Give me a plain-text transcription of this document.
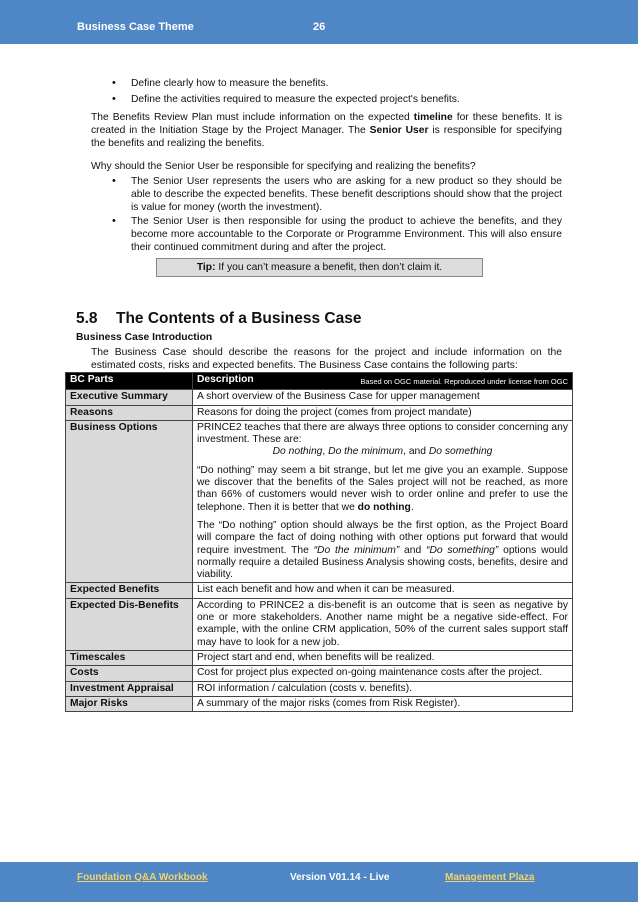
Business Case Theme	26
• Define clearly how to measure the benefits.
• Define the activities required to measure the expected project's benefits.
The Benefits Review Plan must include information on the expected timeline for these benefits. It is created in the Initiation Stage by the Project Manager. The Senior User is responsible for specifying the benefits and realizing the benefits.
Why should the Senior User be responsible for specifying and realizing the benefits?
• The Senior User represents the users who are asking for a new product so they should be able to describe the expected benefits. These benefit descriptions should show that the project is value for money (worth the investment).
• The Senior User is then responsible for using the product to achieve the benefits, and they become more accountable to the Corporate or Programme Environment. This will also ensure their continued commitment during and after the project.
Tip: If you can’t measure a benefit, then don’t claim it.
5.8 The Contents of a Business Case
Business Case Introduction
The Business Case should describe the reasons for the project and include information on the estimated costs, risks and expected benefits. The Business Case contains the following parts:
BC Parts	Description Based on OGC material. Reproduced under license from OGC

Executive Summary	A short overview of the Business Case for upper management
Reasons	Reasons for doing the project (comes from project mandate)
Business Options	PRINCE2 teaches that there are always three options to consider concerning any investment. These are:
Do nothing, Do the minimum, and Do something
“Do nothing” may seem a bit strange, but let me give you an example. Suppose we discover that the benefits of the Sales project will not be reached, as more than 66% of customers would never wish to order online and prefer to use the telephone. Then it is better that we do nothing.
The “Do nothing” option should always be the first option, as the Project Board will compare the fact of doing nothing with other options put forward that would require investment. The “Do the minimum” and “Do something” options would normally require a detailed Business Analysis showing costs, benefits, desire and viability.

Expected Benefits	List each benefit and how and when it can be measured.
Expected Dis-Benefits	According to PRINCE2 a dis-benefit is an outcome that is seen as negative by one or more stakeholders. Another name might be a negative side-effect. For example, with the online CRM application, 50% of the current sales support staff may have to look for a new job.
Timescales	Project start and end, when benefits will be realized.
Costs	Cost for project plus expected on-going maintenance costs after the project.
Investment Appraisal	ROI information / calculation (costs v. benefits).
Major Risks	A summary of the major risks (comes from Risk Register).
Foundation Q&A Workbook	Version V01.14 - Live	Management Plaza
